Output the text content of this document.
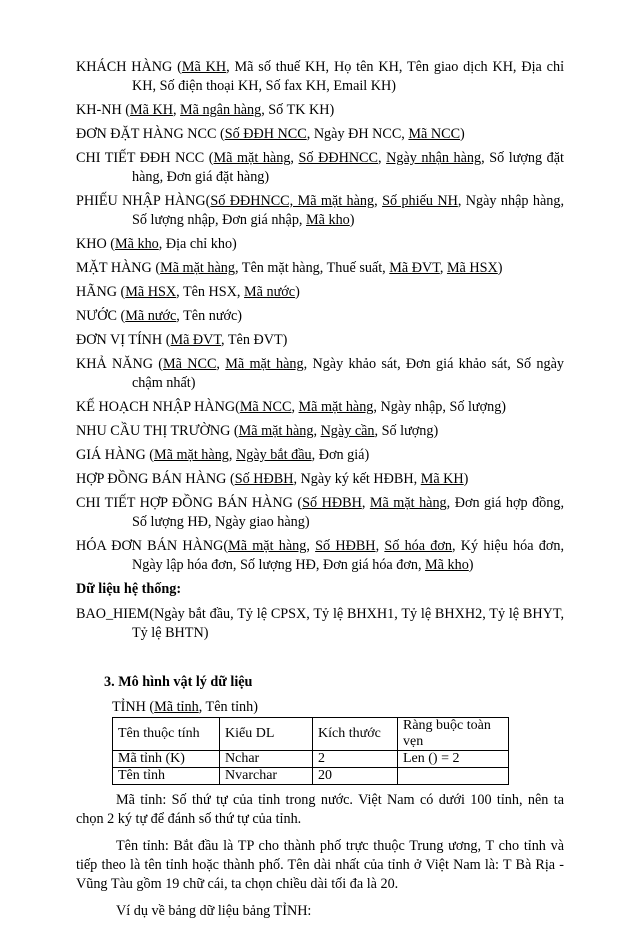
KHÁCH HÀNG (Mã KH, Mã số thuế KH, Họ tên KH, Tên giao dịch KH, Địa chỉ KH, Số điện thoại KH, Số fax KH, Email KH)

KH-NH (Mã KH, Mã ngân hàng, Số TK KH)

ĐƠN ĐẶT HÀNG NCC (Số ĐĐH NCC, Ngày ĐH NCC, Mã NCC)

CHI TIẾT ĐĐH NCC (Mã mặt hàng, Số ĐĐHNCC, Ngày nhận hàng, Số lượng đặt hàng, Đơn giá đặt hàng)

PHIẾU NHẬP HÀNG(Số ĐĐHNCC, Mã mặt hàng, Số phiếu NH, Ngày nhập hàng, Số lượng nhập, Đơn giá nhập, Mã kho)

KHO (Mã kho, Địa chỉ kho)

MẶT HÀNG (Mã mặt hàng, Tên mặt hàng, Thuế suất, Mã ĐVT, Mã HSX)

HÃNG (Mã HSX, Tên HSX, Mã nước)

NƯỚC (Mã nước, Tên nước)

ĐƠN VỊ TÍNH (Mã ĐVT, Tên ĐVT)

KHẢ NĂNG (Mã NCC, Mã mặt hàng, Ngày khảo sát, Đơn giá khảo sát, Số ngày chậm nhất)

KẾ HOẠCH NHẬP HÀNG(Mã NCC, Mã mặt hàng, Ngày nhập, Số lượng)

NHU CẦU THỊ TRƯỜNG (Mã mặt hàng, Ngày cần, Số lượng)

GIÁ HÀNG (Mã mặt hàng, Ngày bắt đầu, Đơn giá)

HỢP ĐỒNG BÁN HÀNG (Số HĐBH, Ngày ký kết HĐBH, Mã KH)

CHI TIẾT HỢP ĐỒNG BÁN HÀNG (Số HĐBH, Mã mặt hàng, Đơn giá hợp đồng, Số lượng HĐ, Ngày giao hàng)

HÓA ĐƠN BÁN HÀNG(Mã mặt hàng, Số HĐBH, Số hóa đơn, Ký hiệu hóa đơn, Ngày lập hóa đơn, Số lượng HĐ, Đơn giá hóa đơn, Mã kho)

Dữ liệu hệ thống:

BAO_HIEM(Ngày bắt đầu, Tỷ lệ CPSX, Tỷ lệ BHXH1, Tỷ lệ BHXH2, Tỷ lệ BHYT, Tỷ lệ BHTN)

3. Mô hình vật lý dữ liệu
TỈNH (Mã tỉnh, Tên tỉnh)
Tên thuộc tính	Kiểu DL	Kích thước	Ràng buộc toàn vẹn
Mã tỉnh (K)	Nchar	2	Len () = 2
Tên tỉnh	Nvarchar	20	

Mã tỉnh: Số thứ tự của tỉnh trong nước. Việt Nam có dưới 100 tỉnh, nên ta chọn 2 ký tự để đánh số thứ tự của tỉnh.

Tên tỉnh: Bắt đầu là TP cho thành phố trực thuộc Trung ương, T cho tỉnh và tiếp theo là tên tỉnh hoặc thành phố. Tên dài nhất của tỉnh ở Việt Nam là: T Bà Rịa - Vũng Tàu gồm 19 chữ cái, ta chọn chiều dài tối đa là 20.

Ví dụ về bảng dữ liệu bảng TỈNH:
